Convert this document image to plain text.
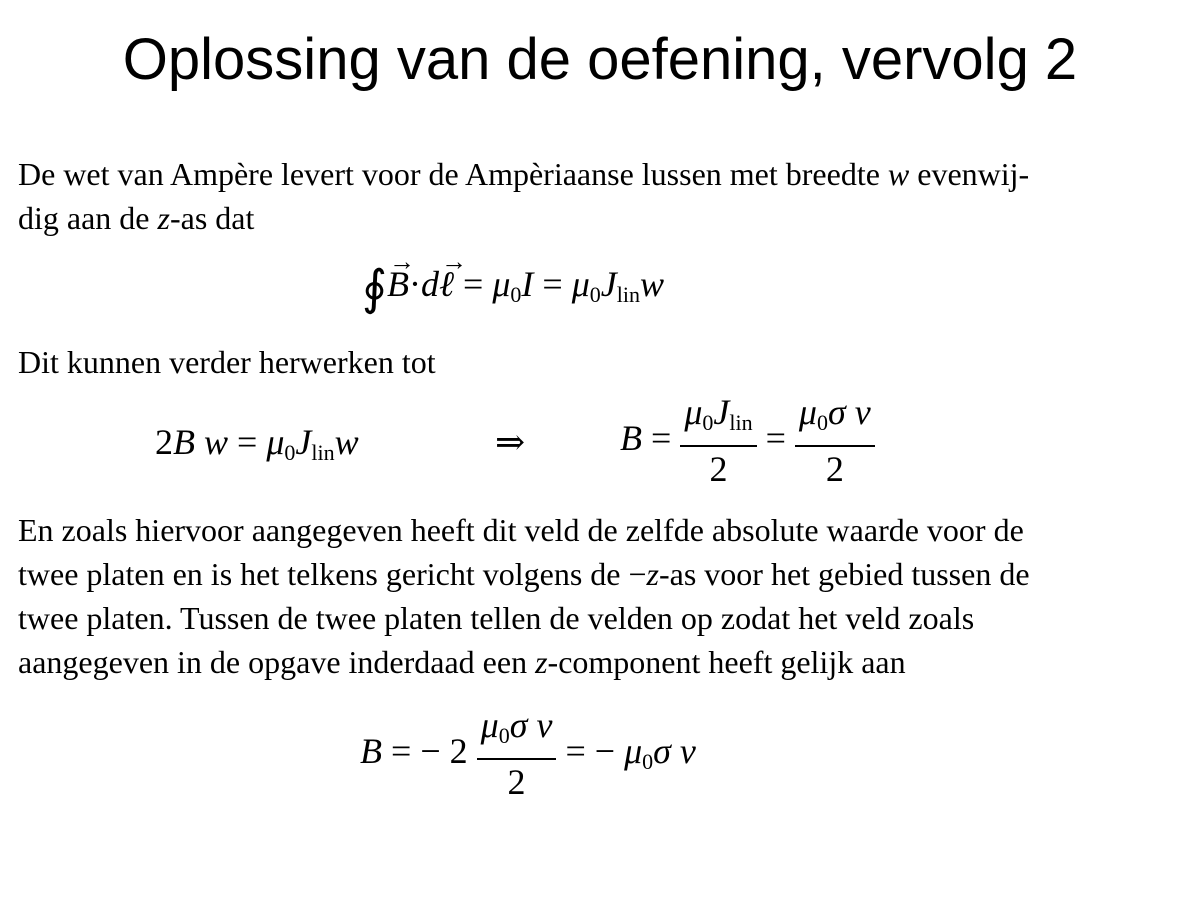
Oplossing van de oefening, vervolg 2

De wet van Ampère levert voor de Ampèriaanse lussen met breedte w evenwij-

dig aan de z-as dat

∮→ B·d→ ℓ = $\mu_0I = \mu_0J_{lin}w$

Dit kunnen verder herwerken tot

2B $w = \mu_0J_{lin}w$	⇒	$B = \frac{\mu_0J_{lin}}{2} = \frac{\mu_0\sigma v}{2}$

En zoals hiervoor aangegeven heeft dit veld de zelfde absolute waarde voor de

twee platen en is het telkens gericht volgens de −z-as voor het gebied tussen de

twee platen. Tussen de twee platen tellen de velden op zodat het veld zoals

aangegeven in de opgave inderdaad een z-component heeft gelijk aan

B = − $2 \frac{\mu_0\sigma v}{2}$ = − $\mu_0\sigma$ v
